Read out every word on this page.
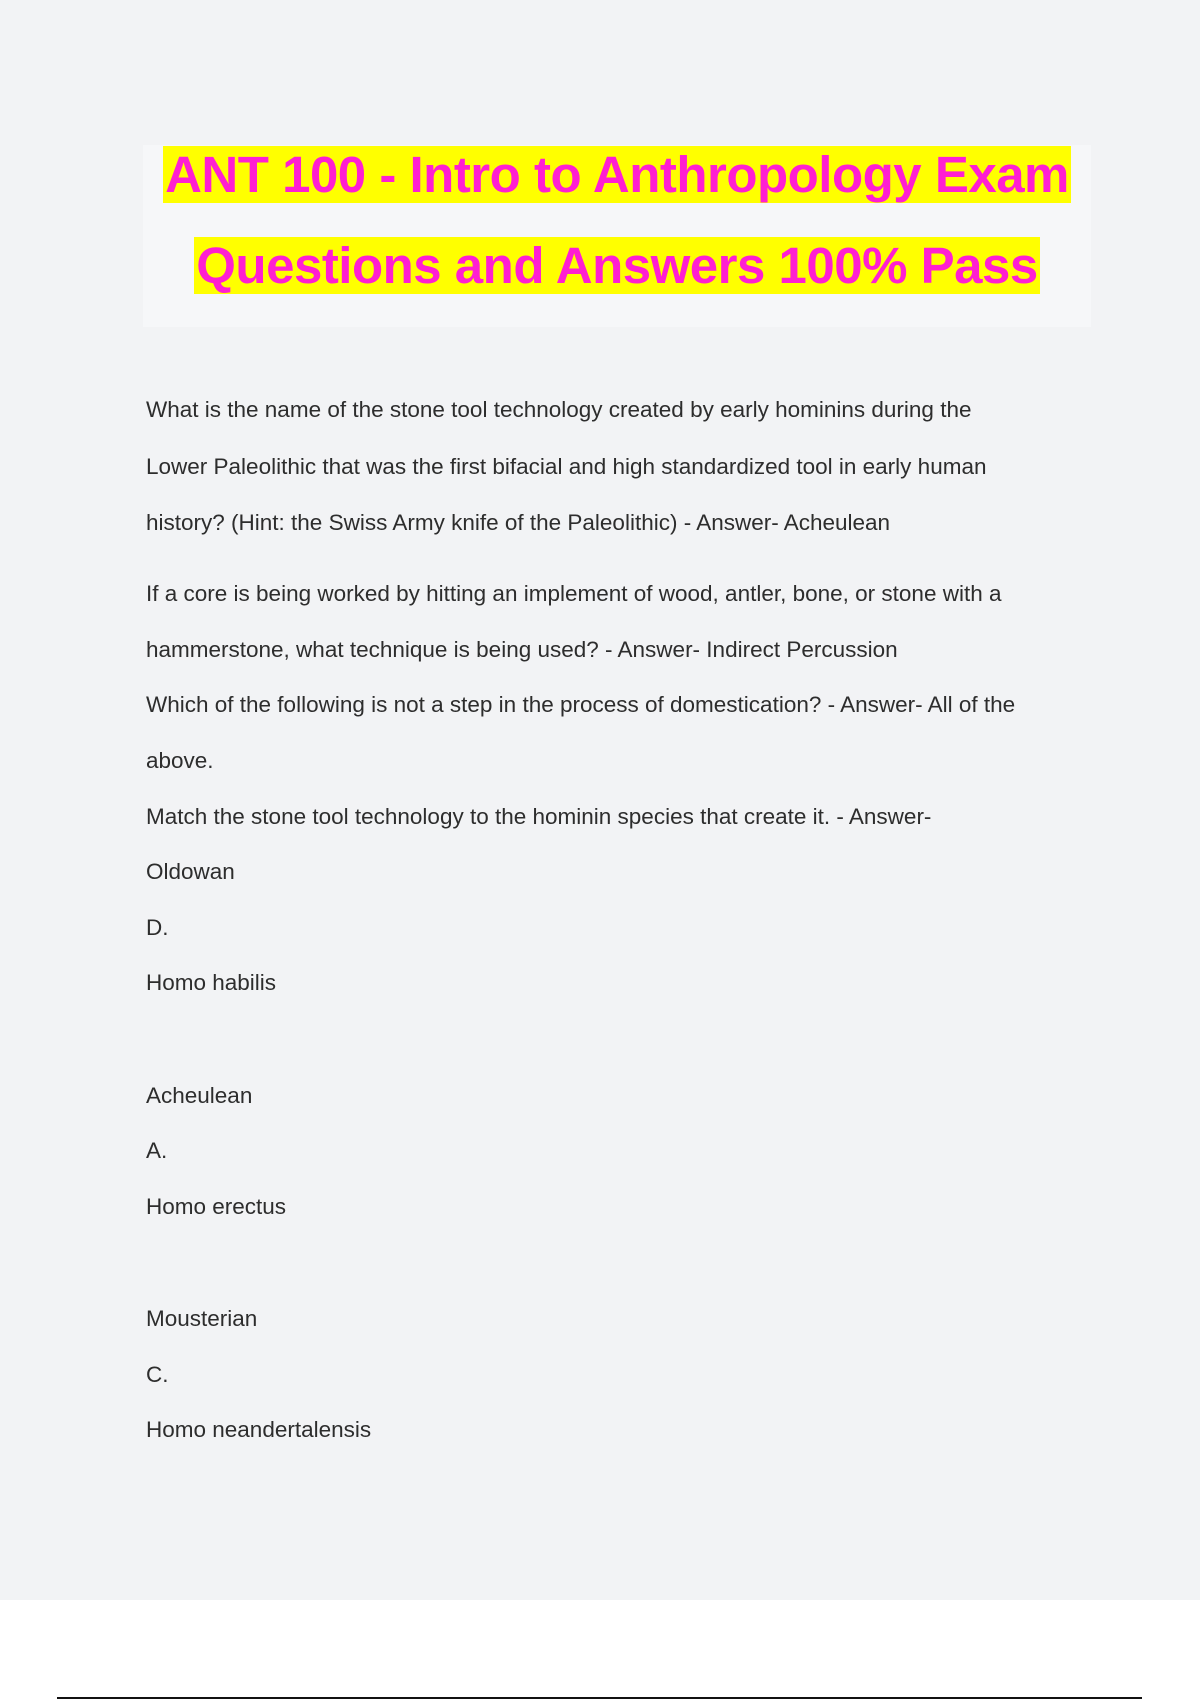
ANT 100 - Intro to Anthropology Exam
Questions and Answers 100% Pass
What is the name of the stone tool technology created by early hominins during the
Lower Paleolithic that was the first bifacial and high standardized tool in early human
history? (Hint: the Swiss Army knife of the Paleolithic) - Answer- Acheulean
If a core is being worked by hitting an implement of wood, antler, bone, or stone with a
hammerstone, what technique is being used? - Answer- Indirect Percussion
Which of the following is not a step in the process of domestication? - Answer- All of the
above.
Match the stone tool technology to the hominin species that create it. - Answer-
Oldowan
D.
Homo habilis
Acheulean
A.
Homo erectus
Mousterian
C.
Homo neandertalensis
